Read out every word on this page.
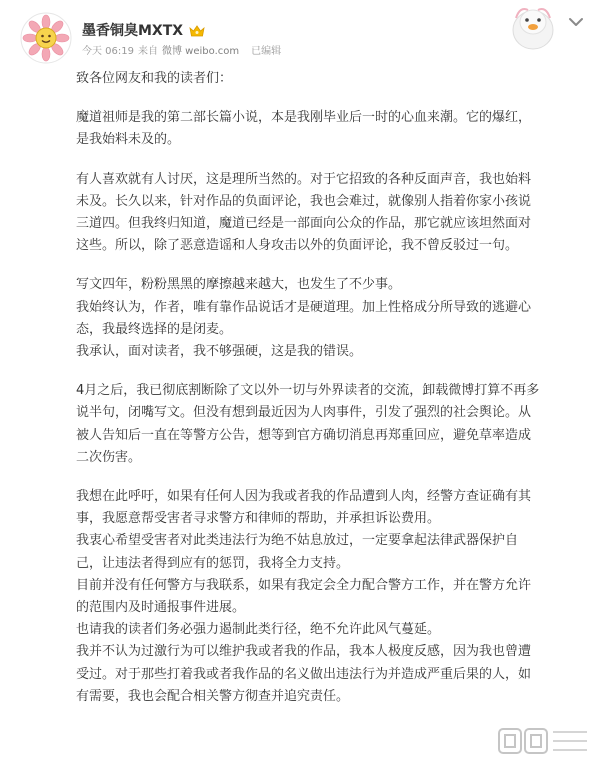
墨香铜臭MXTX
今天 06:19 来自 微博 weibo.com 已编辑

致各位网友和我的读者们：

魔道祖师是我的第二部长篇小说，本是我刚毕业后一时的心血来潮。它的爆红，

是我始料未及的。

有人喜欢就有人讨厌，这是理所当然的。对于它招致的各种反面声音，我也始料

未及。长久以来，针对作品的负面评论，我也会难过，就像别人指着你家小孩说

三道四。但我终归知道，魔道已经是一部面向公众的作品，那它就应该坦然面对

这些。所以，除了恶意造谣和人身攻击以外的负面评论，我不曾反驳过一句。

写文四年，粉粉黑黑的摩擦越来越大，也发生了不少事。

我始终认为，作者，唯有靠作品说话才是硬道理。加上性格成分所导致的逃避心

态，我最终选择的是闭麦。

我承认，面对读者，我不够强硬，这是我的错误。

4月之后，我已彻底割断除了文以外一切与外界读者的交流，卸载微博打算不再多

说半句，闭嘴写文。但没有想到最近因为人肉事件，引发了强烈的社会舆论。从

被人告知后一直在等警方公告，想等到官方确切消息再郑重回应，避免草率造成

二次伤害。

我想在此呼吁，如果有任何人因为我或者我的作品遭到人肉，经警方查证确有其

事，我愿意帮受害者寻求警方和律师的帮助，并承担诉讼费用。

我衷心希望受害者对此类违法行为绝不姑息放过，一定要拿起法律武器保护自

己，让违法者得到应有的惩罚，我将全力支持。

目前并没有任何警方与我联系，如果有我定会全力配合警方工作，并在警方允许

的范围内及时通报事件进展。

也请我的读者们务必强力遏制此类行径，绝不允许此风气蔓延。

我并不认为过激行为可以维护我或者我的作品，我本人极度反感，因为我也曾遭

受过。对于那些打着我或者我作品的名义做出违法行为并造成严重后果的人，如

有需要，我也会配合相关警方彻查并追究责任。
